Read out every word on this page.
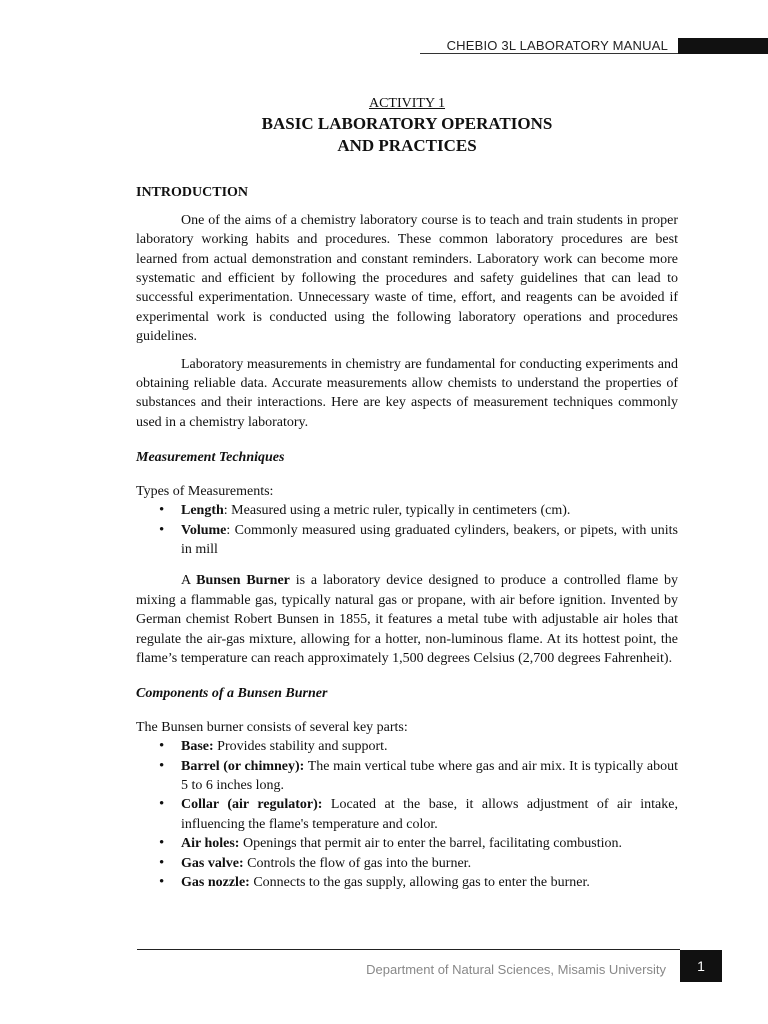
CHEBIO 3L LABORATORY MANUAL

ACTIVITY 1

BASIC LABORATORY OPERATIONS

AND PRACTICES

INTRODUCTION

One of the aims of a chemistry laboratory course is to teach and train students in proper laboratory working habits and procedures. These common laboratory procedures are best learned from actual demonstration and constant reminders. Laboratory work can become more systematic and efficient by following the procedures and safety guidelines that can lead to successful experimentation. Unnecessary waste of time, effort, and reagents can be avoided if experimental work is conducted using the following laboratory operations and procedures guidelines.

Laboratory measurements in chemistry are fundamental for conducting experiments and obtaining reliable data. Accurate measurements allow chemists to understand the properties of substances and their interactions. Here are key aspects of measurement techniques commonly used in a chemistry laboratory.

Measurement Techniques

Types of Measurements:

• Length: Measured using a metric ruler, typically in centimeters (cm).
• Volume: Commonly measured using graduated cylinders, beakers, or pipets, with units in mill

A Bunsen Burner is a laboratory device designed to produce a controlled flame by mixing a flammable gas, typically natural gas or propane, with air before ignition. Invented by German chemist Robert Bunsen in 1855, it features a metal tube with adjustable air holes that regulate the air-gas mixture, allowing for a hotter, non-luminous flame. At its hottest point, the flame’s temperature can reach approximately 1,500 degrees Celsius (2,700 degrees Fahrenheit).

Components of a Bunsen Burner

The Bunsen burner consists of several key parts:

• Base: Provides stability and support.
• Barrel (or chimney): The main vertical tube where gas and air mix. It is typically about 5 to 6 inches long.
• Collar (air regulator): Located at the base, it allows adjustment of air intake, influencing the flame's temperature and color.
• Air holes: Openings that permit air to enter the barrel, facilitating combustion.
• Gas valve: Controls the flow of gas into the burner.
• Gas nozzle: Connects to the gas supply, allowing gas to enter the burner.
Department of Natural Sciences, Misamis University 1
